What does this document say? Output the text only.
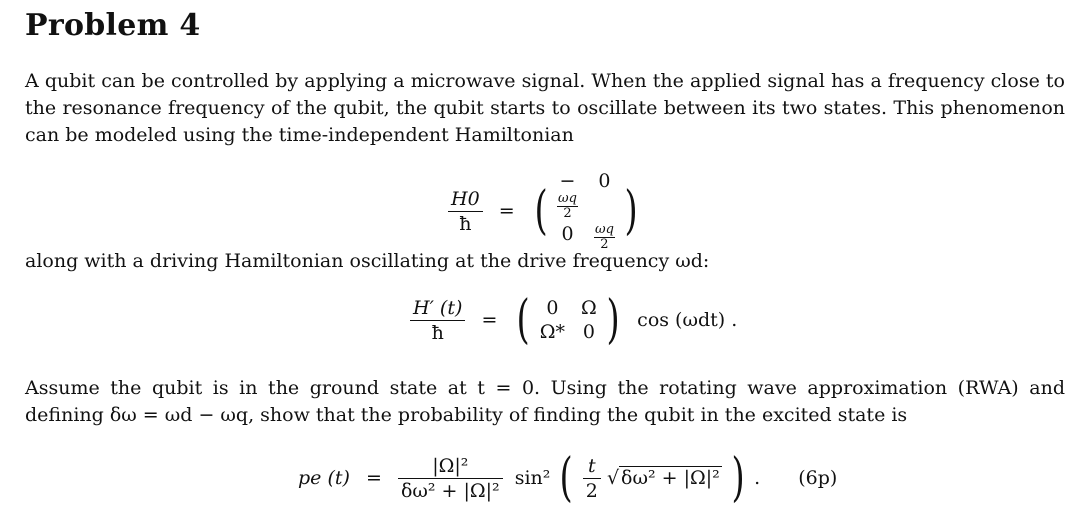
Problem 4
A qubit can be controlled by applying a microwave signal. When the applied signal has a frequency close to the resonance frequency of the qubit, the qubit starts to oscillate between its two states. This phenomenon can be modeled using the time-independent Hamiltonian
$\frac{H0}{ħ}$ = ( −
ωq
2
0
0	ωq
2
)
along with a driving Hamiltonian oscillating at the drive frequency ωd:
$\frac{H' (t)}{ħ}$ = ( 0	Ω
Ω* 0 ) cos (ωdt) .
Assume the qubit is in the ground state at t = 0. Using the rotating wave approximation (RWA) and defining δω = ωd − ωq, show that the probability of finding the qubit in the excited state is
pe $(t) = \frac{\text{|Ω|²}}{\text{δω² + |Ω|²}} \sin^2$ ( $\frac{t}{2}$ √ δω² + |Ω|² ) . (6p)
